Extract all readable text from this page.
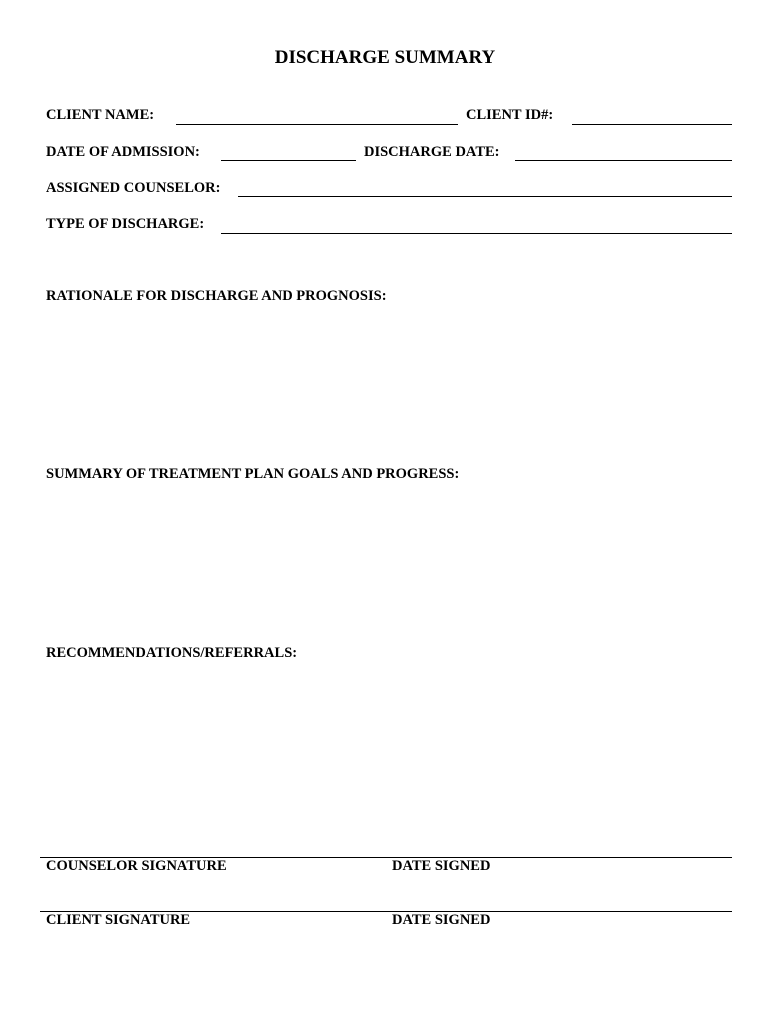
DISCHARGE SUMMARY
CLIENT NAME:	CLIENT ID#:
DATE OF ADMISSION:	DISCHARGE DATE:
ASSIGNED COUNSELOR:
TYPE OF DISCHARGE:
RATIONALE FOR DISCHARGE AND PROGNOSIS:
SUMMARY OF TREATMENT PLAN GOALS AND PROGRESS:
RECOMMENDATIONS/REFERRALS:
COUNSELOR SIGNATURE	DATE SIGNED
CLIENT SIGNATURE	DATE SIGNED
